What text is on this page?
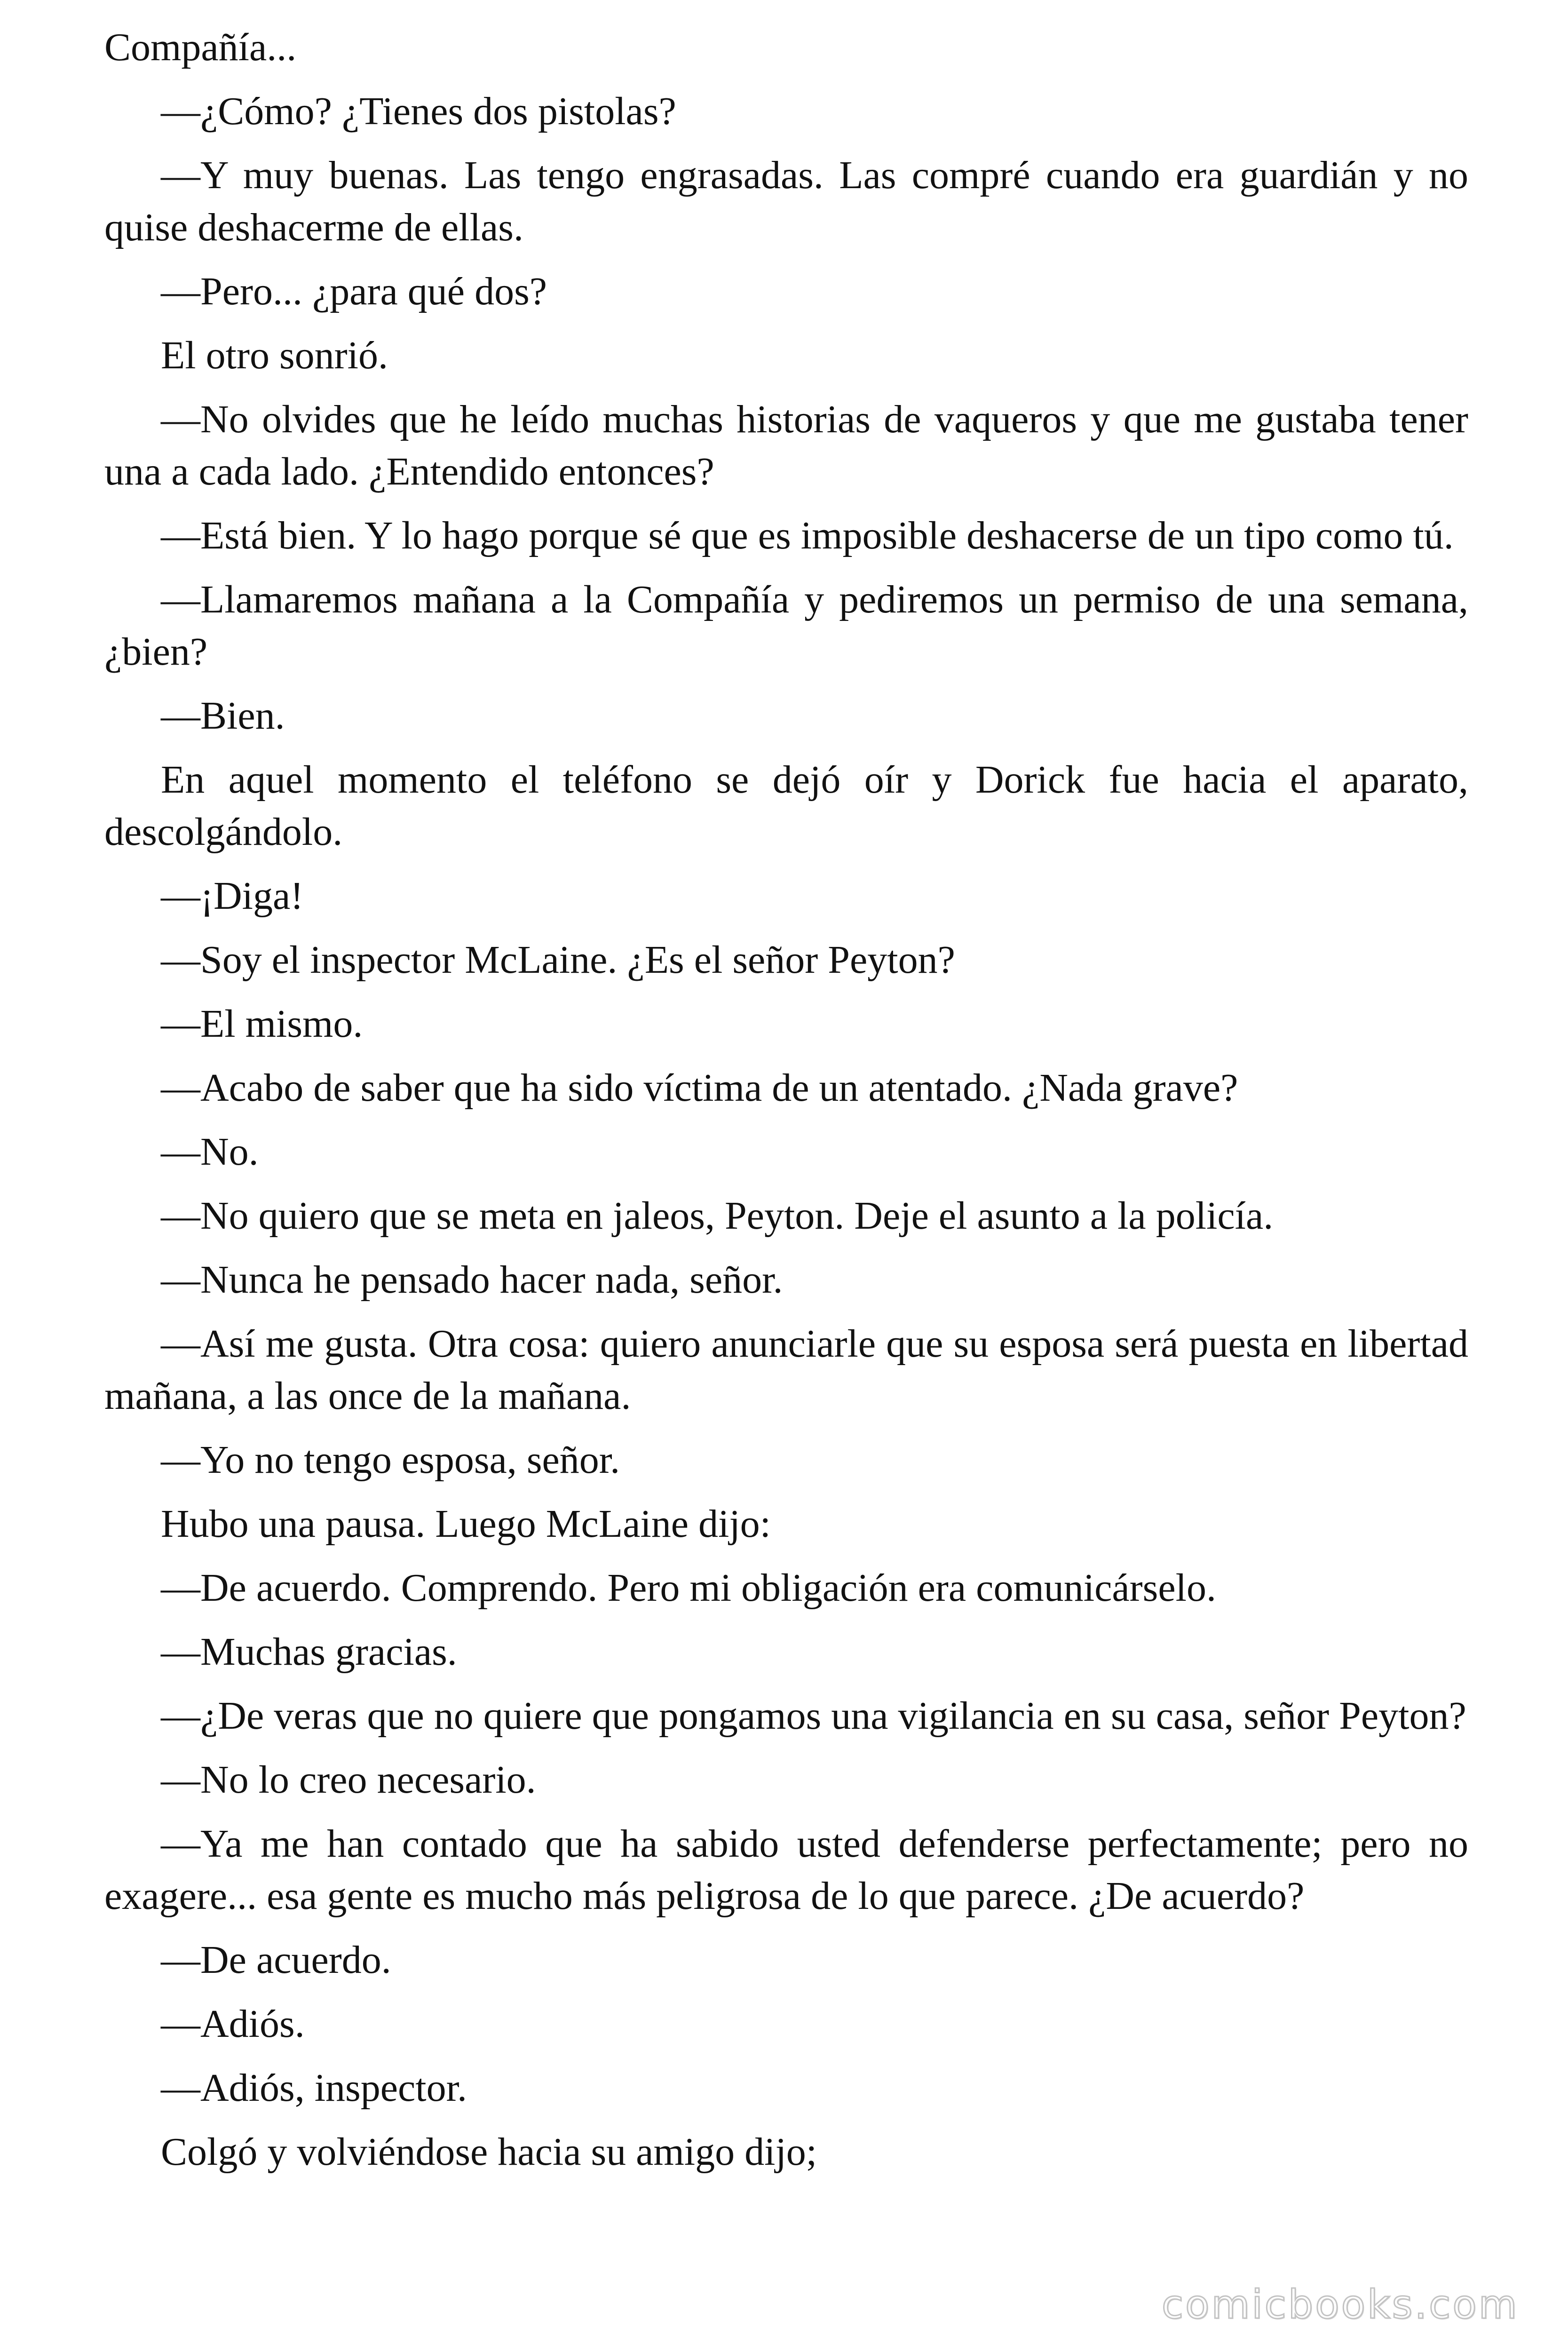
Compañía...

—¿Cómo? ¿Tienes dos pistolas?

—Y muy buenas. Las tengo engrasadas. Las compré cuando era guardián y no quise deshacerme de ellas.

—Pero... ¿para qué dos?

El otro sonrió.

—No olvides que he leído muchas historias de vaqueros y que me gustaba tener una a cada lado. ¿Entendido entonces?

—Está bien. Y lo hago porque sé que es imposible deshacerse de un tipo como tú.

—Llamaremos mañana a la Compañía y pediremos un permiso de una semana, ¿bien?

—Bien.

En aquel momento el teléfono se dejó oír y Dorick fue hacia el aparato, descolgándolo.

—¡Diga!

—Soy el inspector McLaine. ¿Es el señor Peyton?

—El mismo.

—Acabo de saber que ha sido víctima de un atentado. ¿Nada grave?

—No.

—No quiero que se meta en jaleos, Peyton. Deje el asunto a la policía.

—Nunca he pensado hacer nada, señor.

—Así me gusta. Otra cosa: quiero anunciarle que su esposa será puesta en libertad mañana, a las once de la mañana.

—Yo no tengo esposa, señor.

Hubo una pausa. Luego McLaine dijo:

—De acuerdo. Comprendo. Pero mi obligación era comunicárselo.

—Muchas gracias.

—¿De veras que no quiere que pongamos una vigilancia en su casa, señor Peyton?

—No lo creo necesario.

—Ya me han contado que ha sabido usted defenderse perfectamente; pero no exagere... esa gente es mucho más peligrosa de lo que parece. ¿De acuerdo?

—De acuerdo.

—Adiós.

—Adiós, inspector.

Colgó y volviéndose hacia su amigo dijo;

comicbooks.com
